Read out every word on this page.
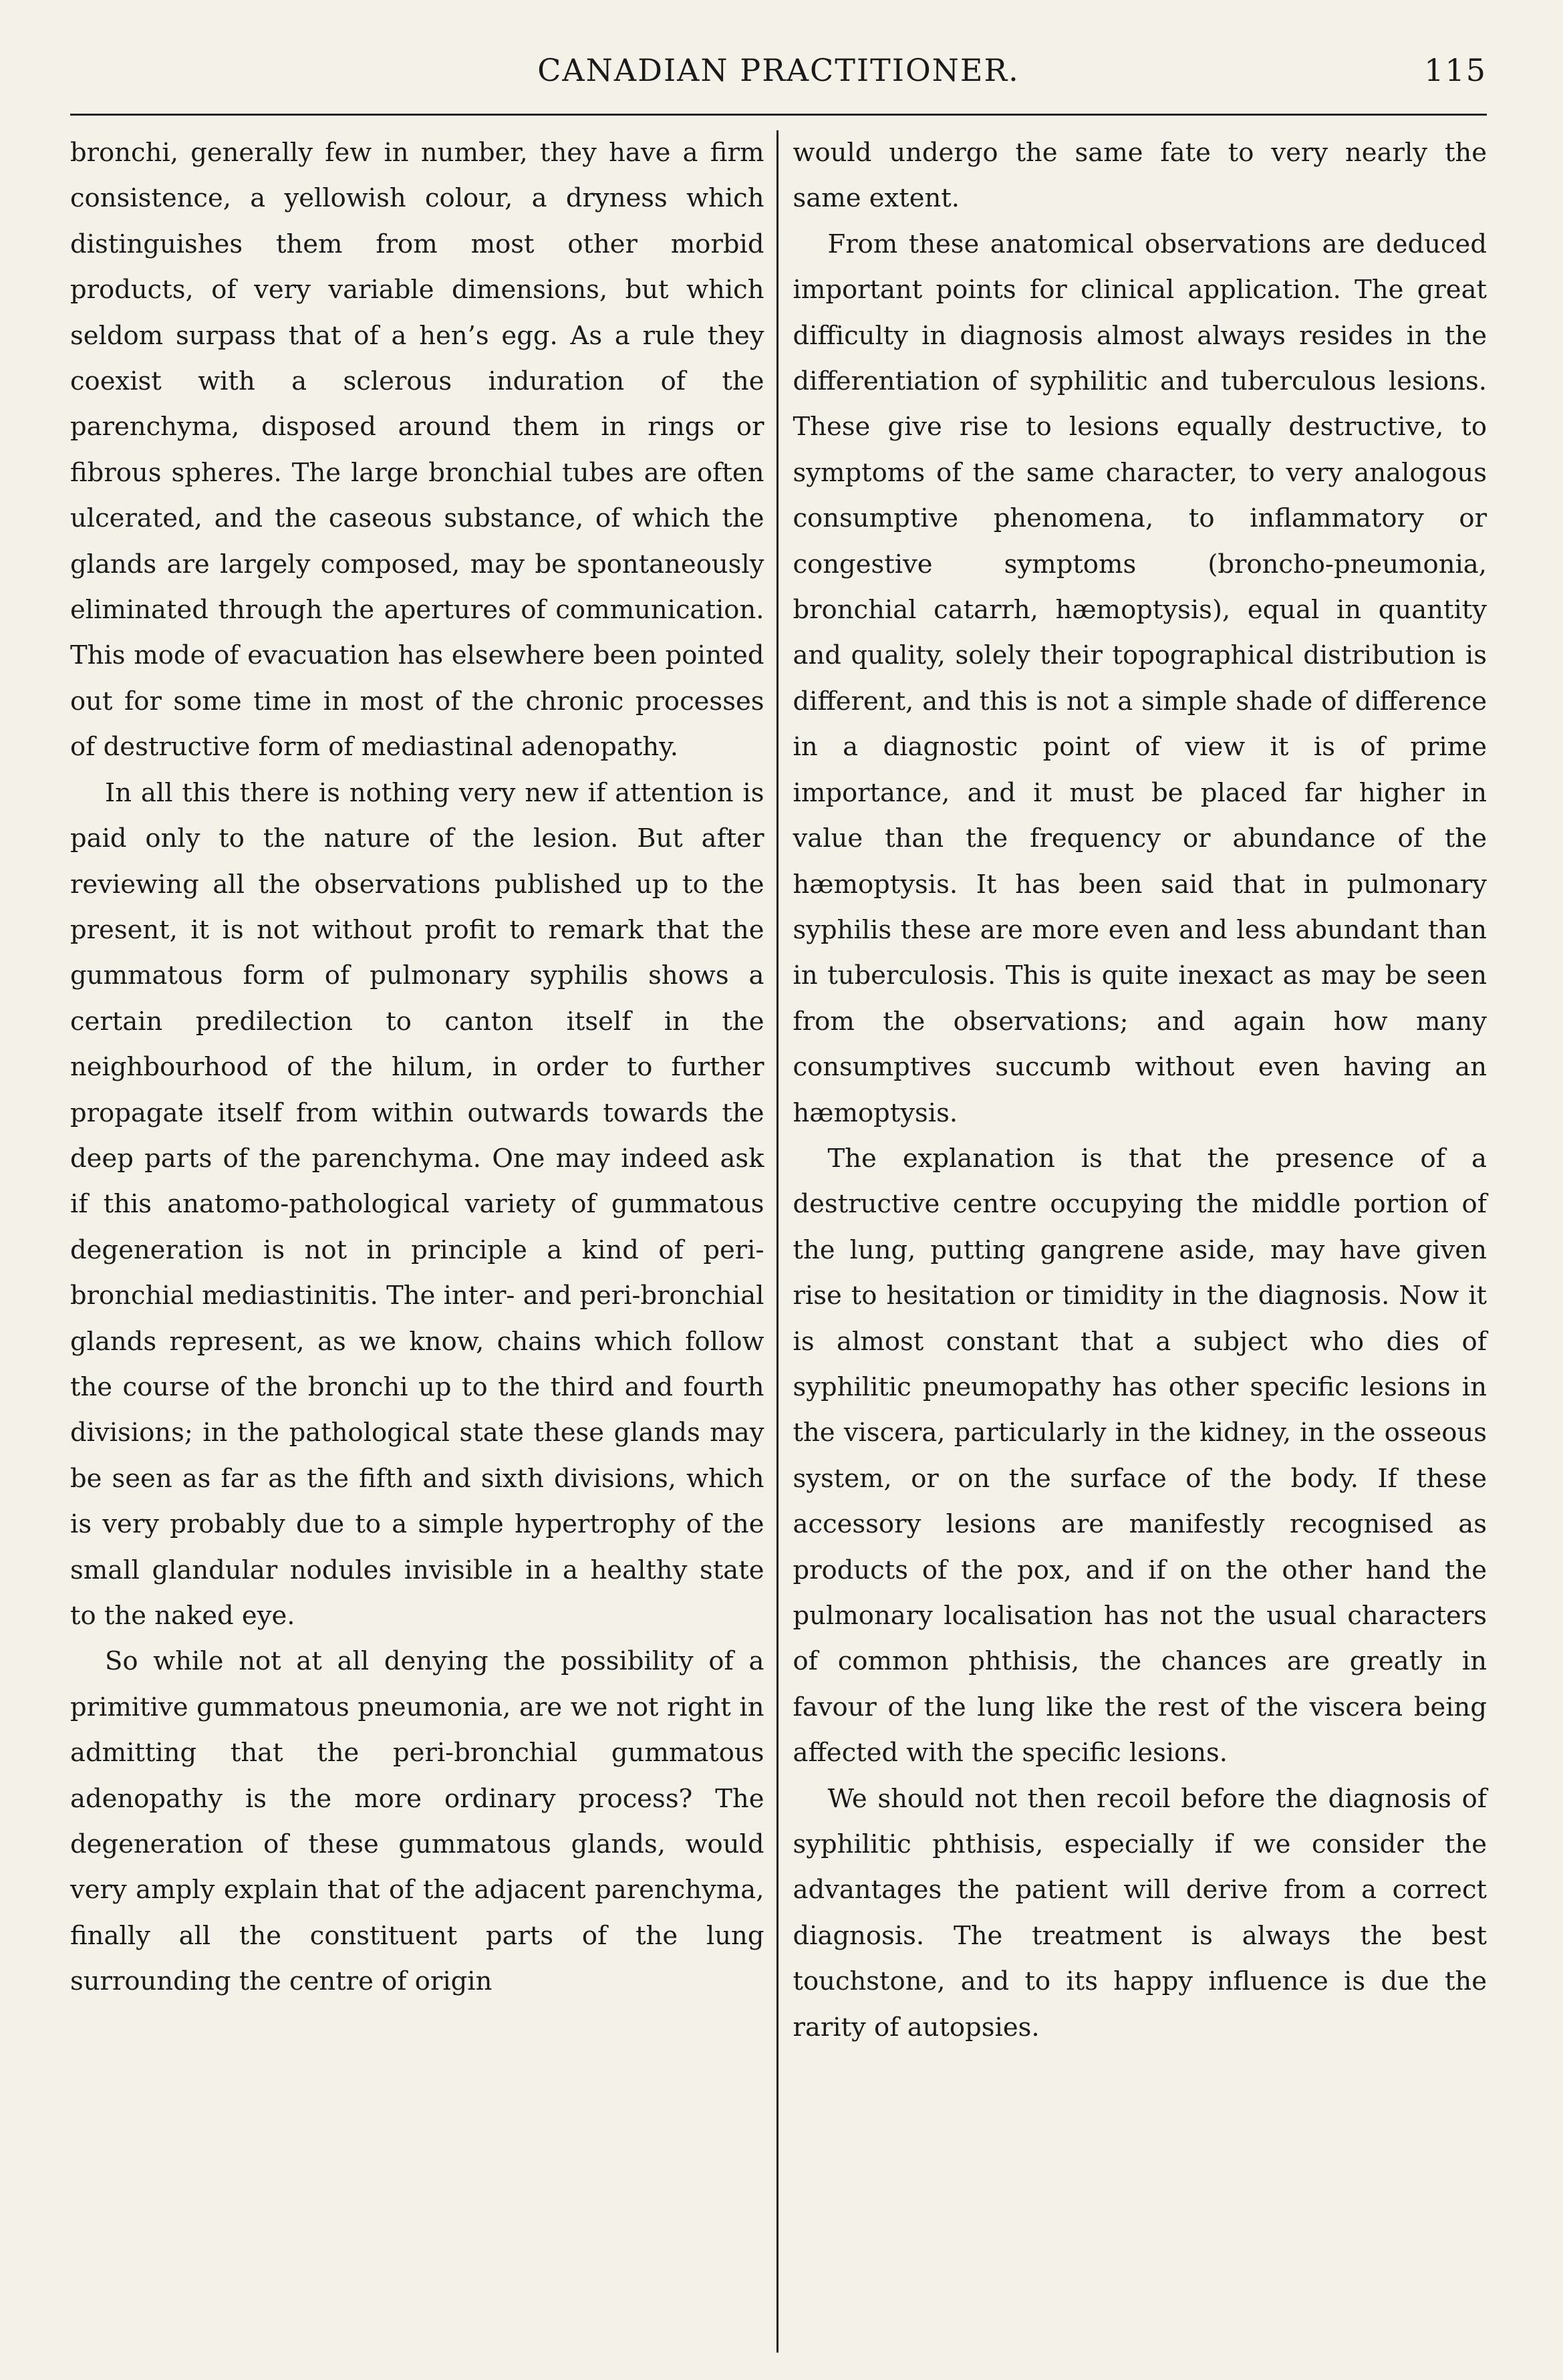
CANADIAN PRACTITIONER.	115

bronchi, generally few in number, they have a firm consistence, a yellowish colour, a dryness which distinguishes them from most other morbid products, of very variable dimensions, but which seldom surpass that of a hen’s egg. As a rule they coexist with a sclerous induration of the parenchyma, disposed around them in rings or fibrous spheres. The large bronchial tubes are often ulcerated, and the caseous substance, of which the glands are largely composed, may be spontaneously eliminated through the apertures of communication. This mode of evacuation has elsewhere been pointed out for some time in most of the chronic processes of destructive form of mediastinal adenopathy.

In all this there is nothing very new if attention is paid only to the nature of the lesion. But after reviewing all the observations published up to the present, it is not without profit to remark that the gummatous form of pulmonary syphilis shows a certain predilection to canton itself in the neighbourhood of the hilum, in order to further propagate itself from within outwards towards the deep parts of the parenchyma. One may indeed ask if this anatomo-pathological variety of gummatous degeneration is not in principle a kind of peri-bronchial mediastinitis. The inter- and peri-bronchial glands represent, as we know, chains which follow the course of the bronchi up to the third and fourth divisions; in the pathological state these glands may be seen as far as the fifth and sixth divisions, which is very probably due to a simple hypertrophy of the small glandular nodules invisible in a healthy state to the naked eye.

So while not at all denying the possibility of a primitive gummatous pneumonia, are we not right in admitting that the peri-bronchial gummatous adenopathy is the more ordinary process? The degeneration of these gummatous glands, would very amply explain that of the adjacent parenchyma, finally all the constituent parts of the lung surrounding the centre of origin

would undergo the same fate to very nearly the same extent.

From these anatomical observations are deduced important points for clinical application. The great difficulty in diagnosis almost always resides in the differentiation of syphilitic and tuberculous lesions. These give rise to lesions equally destructive, to symptoms of the same character, to very analogous consumptive phenomena, to inflammatory or congestive symptoms (broncho-pneumonia, bronchial catarrh, hæmoptysis), equal in quantity and quality, solely their topographical distribution is different, and this is not a simple shade of difference in a diagnostic point of view it is of prime importance, and it must be placed far higher in value than the frequency or abundance of the hæmoptysis. It has been said that in pulmonary syphilis these are more even and less abundant than in tuberculosis. This is quite inexact as may be seen from the observations; and again how many consumptives succumb without even having an hæmoptysis.

The explanation is that the presence of a destructive centre occupying the middle portion of the lung, putting gangrene aside, may have given rise to hesitation or timidity in the diagnosis. Now it is almost constant that a subject who dies of syphilitic pneumopathy has other specific lesions in the viscera, particularly in the kidney, in the osseous system, or on the surface of the body. If these accessory lesions are manifestly recognised as products of the pox, and if on the other hand the pulmonary localisation has not the usual characters of common phthisis, the chances are greatly in favour of the lung like the rest of the viscera being affected with the specific lesions.

We should not then recoil before the diagnosis of syphilitic phthisis, especially if we consider the advantages the patient will derive from a correct diagnosis. The treatment is always the best touchstone, and to its happy influence is due the rarity of autopsies.
